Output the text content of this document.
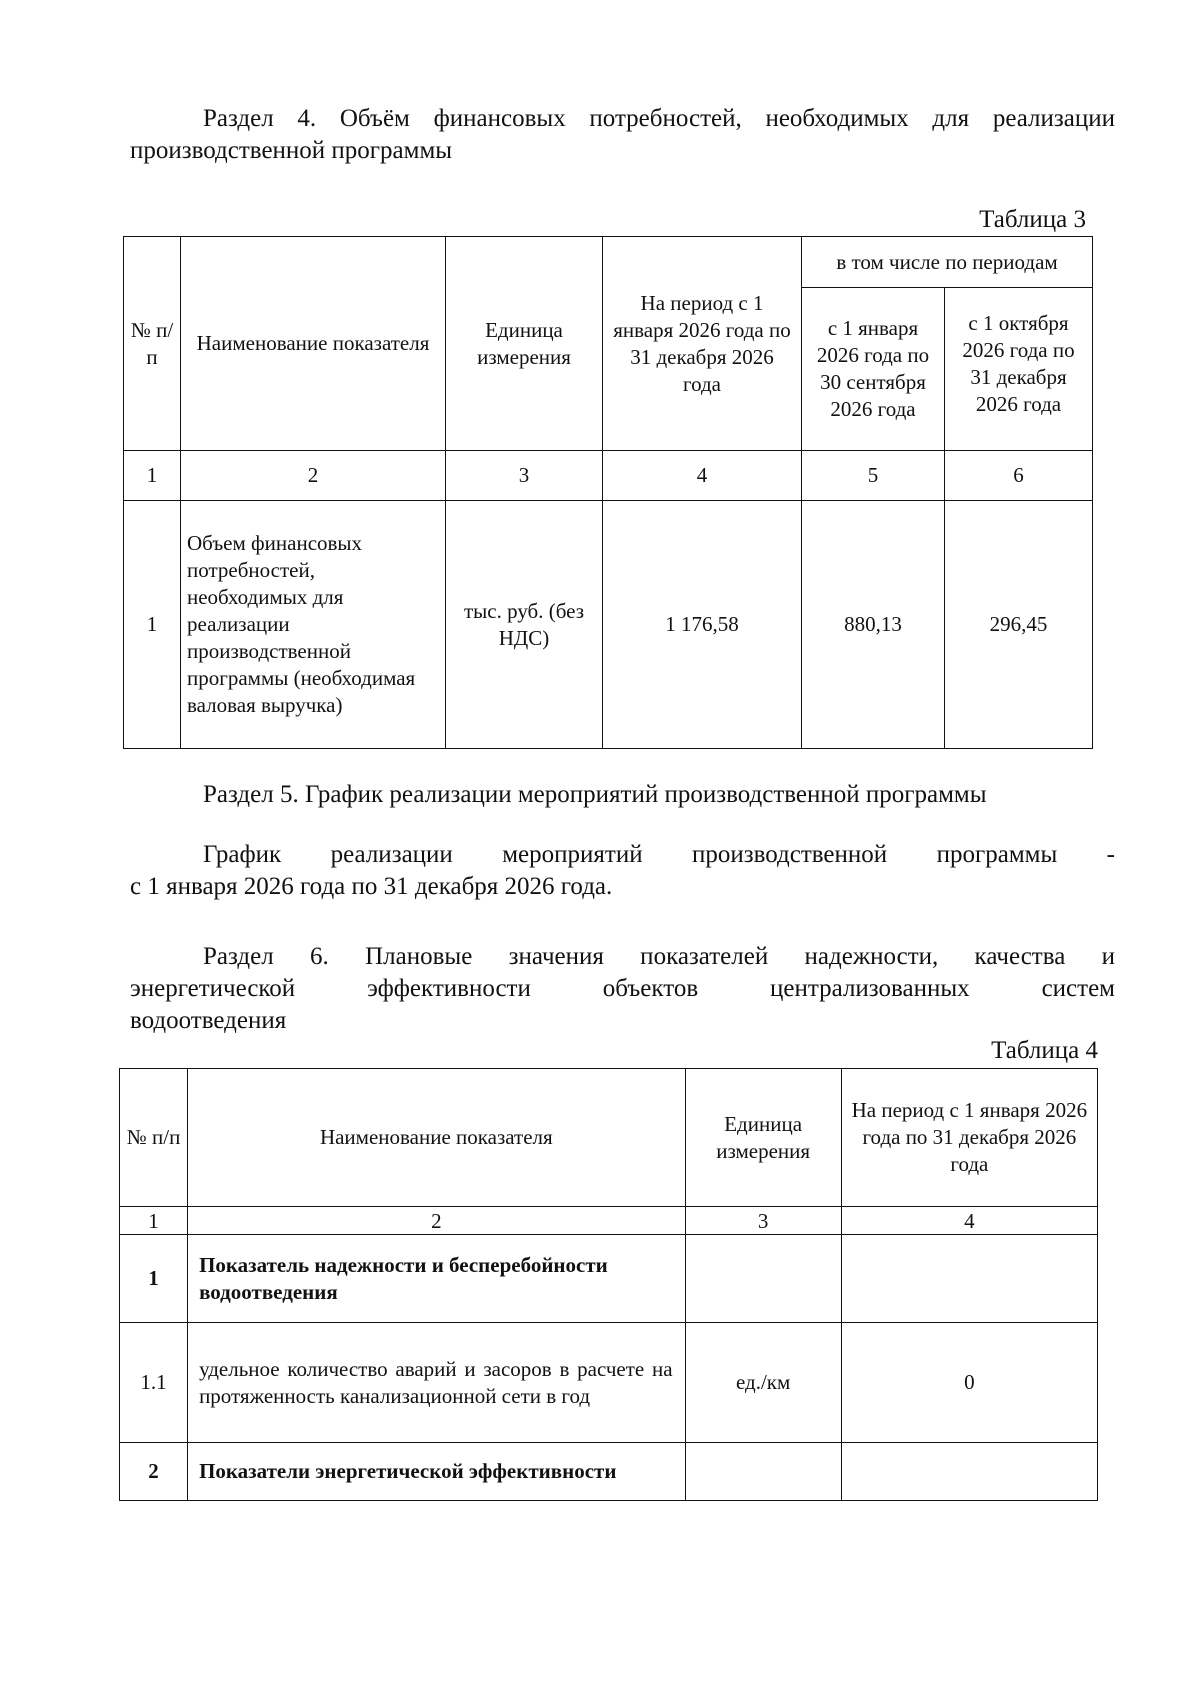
Раздел 4. Объём финансовых потребностей, необходимых для реализации

производственной программы

Таблица 3
№ п/п	Наименование показателя	Единица измерения	На период с 1 января 2026 года по 31 декабря 2026 года	в том числе по периодам	
				с 1 января 2026 года по 30 сентября 2026 года	с 1 октября 2026 года по 31 декабря 2026 года
1	2	3	4	5	6
1	Объем финансовых потребностей, необходимых для реализации производственной программы (необходимая валовая выручка)	тыс. руб. (без НДС)	1 176,58	880,13	296,45

Раздел 5. График реализации мероприятий производственной программы

График реализации мероприятий производственной программы -

с 1 января 2026 года по 31 декабря 2026 года.

Раздел 6. Плановые значения показателей надежности, качества и

энергетической эффективности объектов централизованных систем

водоотведения

Таблица 4
№ п/п	Наименование показателя	Единица измерения	На период с 1 января 2026 года по 31 декабря 2026 года
1	2	3	4
1	Показатель надежности и бесперебойности водоотведения		
1.1	удельное количество аварий и засоров в расчете на протяженность канализационной сети в год	ед./км	0
2	Показатели энергетической эффективности		
